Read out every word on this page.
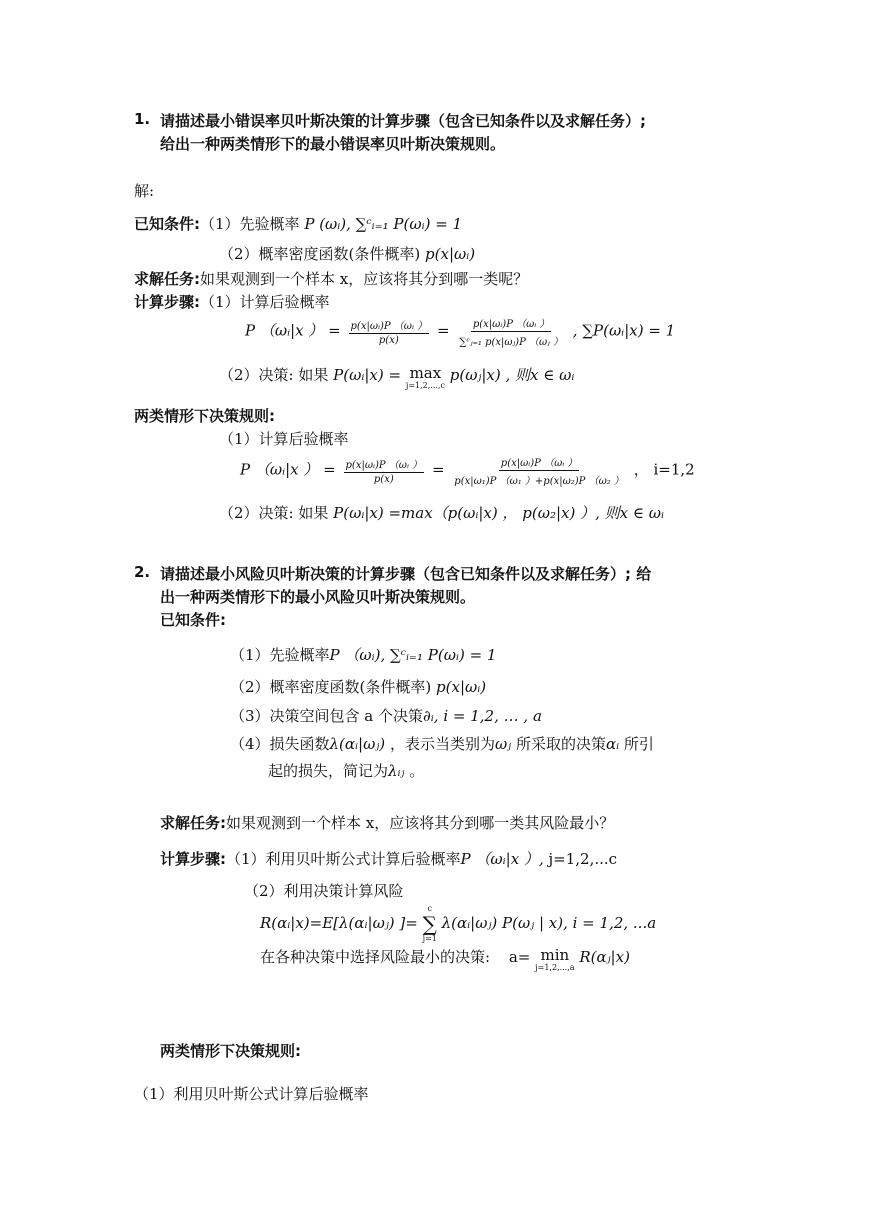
1. 请描述最小错误率贝叶斯决策的计算步骤（包含已知条件以及求解任务）;
给出一种两类情形下的最小错误率贝叶斯决策规则。
解:
已知条件:（1）先验概率 P (ωᵢ), ∑ᶜᵢ₌₁ P(ωᵢ) = 1
（2）概率密度函数(条件概率) p(x|ωᵢ)
求解任务:如果观测到一个样本 x，应该将其分到哪一类呢？
计算步骤:（1）计算后验概率
P （ωᵢ|x ） = $\frac{\text{p(x|ωᵢ)P （ωᵢ ）}}{p(x)} = \frac{\text{p(x|ωᵢ)P （ωᵢ ）}}{\text{∑ᶜⱼ₌₁ p(x|ωⱼ)P （ωⱼ ）}}$ , ∑P(ωᵢ|x) = 1
（2）决策: 如果 P(ωᵢ|x) = max
j=1,2,...,c
p(ωⱼ|x) , 则x ∈ ωᵢ
两类情形下决策规则:
（1）计算后验概率
P （ωᵢ|x ） = $\frac{\text{p(x|ωᵢ)P （ωᵢ ）}}{p(x)} = \frac{\text{p(x|ωᵢ)P （ωᵢ ）}}{\text{p(x|ω₁)P （ω₁ ）+p(x|ω₂)P （ω₂ ）}}$ ， i=1,2
（2）决策: 如果 P(ωᵢ|x) =max（p(ωᵢ|x) ， p(ω₂|x) ）, 则x ∈ ωᵢ
2. 请描述最小风险贝叶斯决策的计算步骤（包含已知条件以及求解任务）; 给
出一种两类情形下的最小风险贝叶斯决策规则。
已知条件:
（1）先验概率P （ωᵢ), ∑ᶜᵢ₌₁ P(ωᵢ) = 1
（2）概率密度函数(条件概率) p(x|ωᵢ)
（3）决策空间包含 a 个决策∂ᵢ, i = 1,2, … , a
（4）损失函数λ(αᵢ|ωⱼ) ，表示当类别为ωⱼ 所采取的决策αᵢ 所引
起的损失，简记为λᵢⱼ 。
求解任务:如果观测到一个样本 x，应该将其分到哪一类其风险最小？
计算步骤:（1）利用贝叶斯公式计算后验概率P （ωᵢ|x ）, j=1,2,...c
（2）利用决策计算风险
R(αᵢ|x)=E[λ(αᵢ|ωⱼ) ]=
c
∑
j=1
λ(αᵢ|ωⱼ) P(ωⱼ | x), i = 1,2, ...a
在各种决策中选择风险最小的决策: a= min
j=1,2,...,a
R(αⱼ|x)
两类情形下决策规则:
（1）利用贝叶斯公式计算后验概率
